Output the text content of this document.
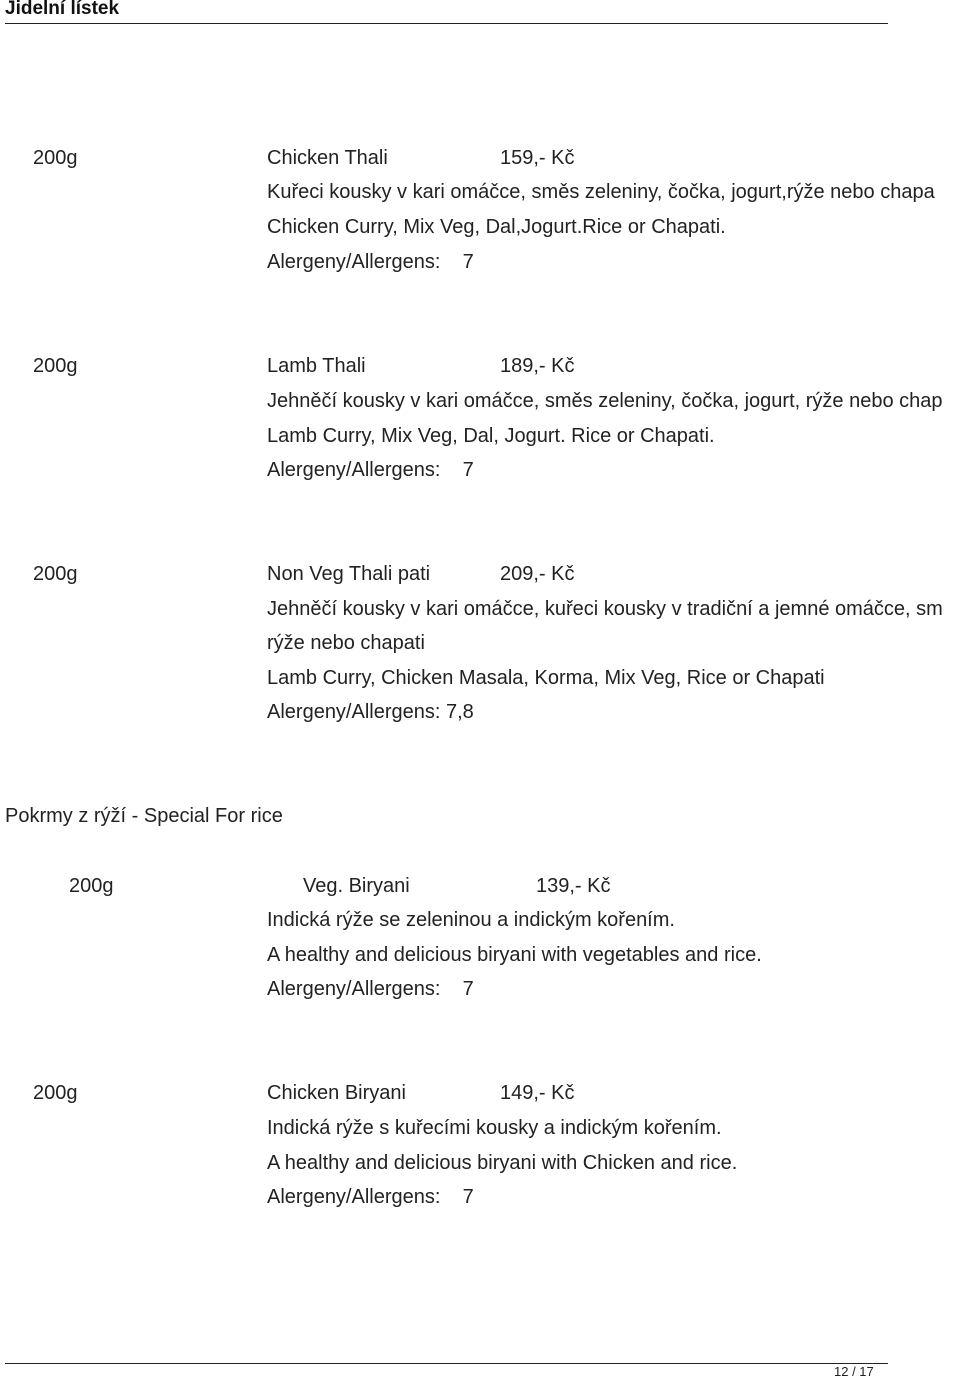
Jidelní lístek
200g	Chicken Thali	159,- Kč
Kuřeci kousky v kari omáčce, směs zeleniny, čočka, jogurt,rýže nebo chapa
Chicken Curry, Mix Veg, Dal,Jogurt.Rice or Chapati.
Alergeny/Allergens:    7
200g	Lamb Thali	189,- Kč
Jehněčí kousky v kari omáčce, směs zeleniny, čočka, jogurt, rýže nebo chap
Lamb Curry, Mix Veg, Dal, Jogurt. Rice or Chapati.
Alergeny/Allergens:    7
200g	Non Veg Thali pati	209,- Kč
Jehněčí kousky v kari omáčce, kuřeci kousky v tradiční a jemné omáčce, sm
rýže nebo chapati
Lamb Curry, Chicken Masala, Korma, Mix Veg, Rice or Chapati
Alergeny/Allergens: 7,8
Pokrmy z rýží - Special For rice
200g	Veg. Biryani	139,- Kč
Indická rýže se zeleninou a indickým kořením.
A healthy and delicious biryani with vegetables and rice.
Alergeny/Allergens:    7
200g	Chicken Biryani	149,- Kč
Indická rýže s kuřecími kousky a indickým kořením.
A healthy and delicious biryani with Chicken and rice.
Alergeny/Allergens:    7
12 / 17
